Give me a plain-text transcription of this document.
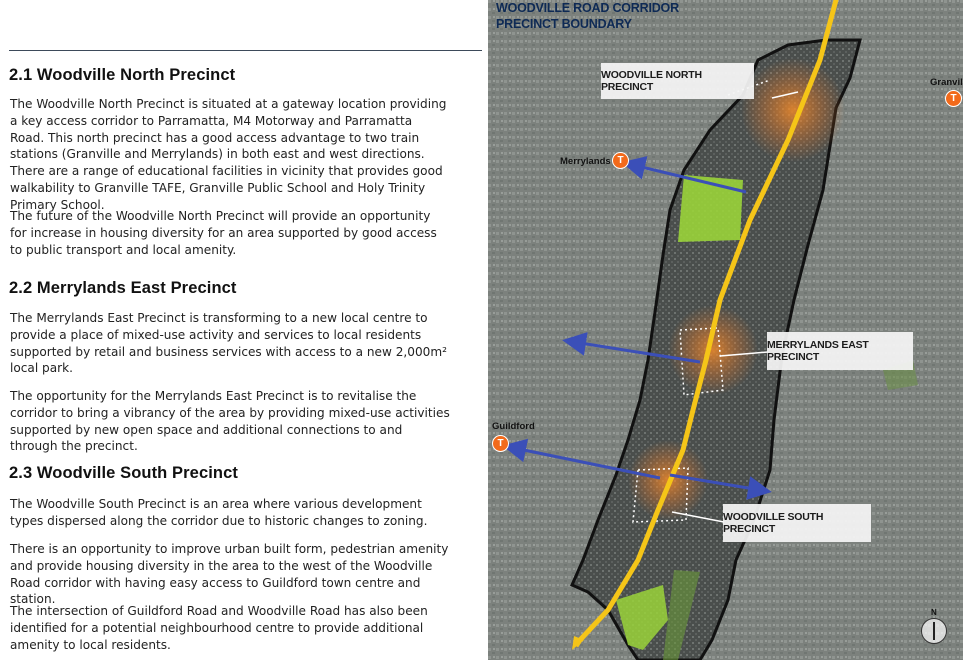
2.1 Woodville North Precinct

The Woodville North Precinct is situated at a gateway location providing a key access corridor to Parramatta, M4 Motorway and Parramatta Road. This north precinct has a good access advantage to two train stations (Granville and Merrylands) in both east and west directions. There are a range of educational facilities in vicinity that provides good walkability to Granville TAFE, Granville Public School and Holy Trinity Primary School.

The future of the Woodville North Precinct will provide an opportunity for increase in housing diversity for an area supported by good access to public transport and local amenity.

2.2 Merrylands East Precinct

The Merrylands East Precinct is transforming to a new local centre to provide a place of mixed-use activity and services to local residents supported by retail and business services with access to a new 2,000m² local park.

The opportunity for the Merrylands East Precinct is to revitalise the corridor to bring a vibrancy of the area by providing mixed-use activities supported by new open space and additional connections to and through the precinct.

2.3 Woodville South Precinct

The Woodville South Precinct is an area where various development types dispersed along the corridor due to historic changes to zoning.

There is an opportunity to improve urban built form, pedestrian amenity and provide housing diversity in the area to the west of the Woodville Road corridor with having easy access to Guildford town centre and station.

The intersection of Guildford Road and Woodville Road has also been identified for a potential neighbourhood centre to provide additional amenity to local residents.

WOODVILLE ROAD CORRIDOR
PRECINCT BOUNDARY
WOODVILLE NORTH PRECINCT
MERRYLANDS EAST PRECINCT
WOODVILLE SOUTH PRECINCT
Merrylands T
Guildford
T
Granvil
T
N
